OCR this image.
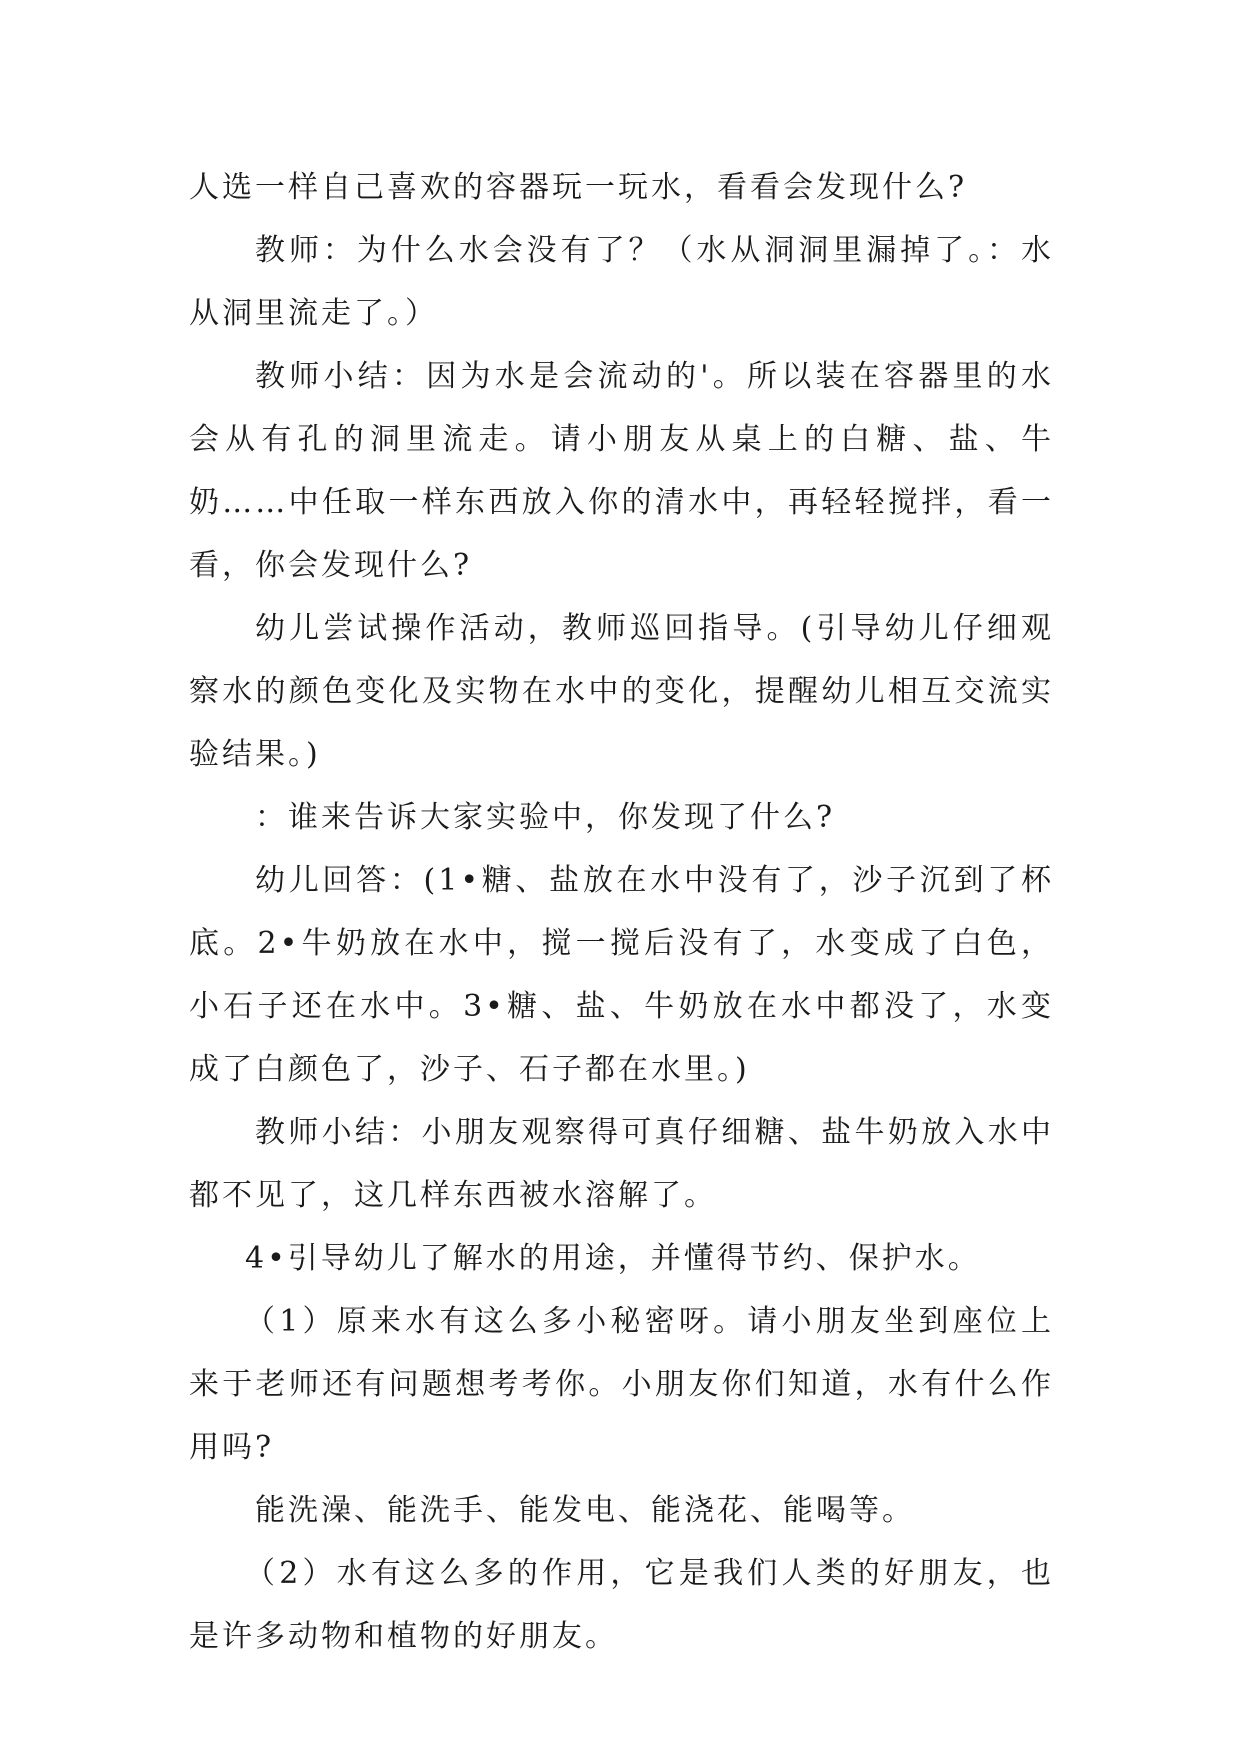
人选一样自己喜欢的容器玩一玩水，看看会发现什么?

教师：为什么水会没有了？（水从洞洞里漏掉了。：水从洞里流走了。）

教师小结：因为水是会流动的'。所以装在容器里的水会从有孔的洞里流走。请小朋友从桌上的白糖、盐、牛奶……中任取一样东西放入你的清水中，再轻轻搅拌，看一看，你会发现什么?

幼儿尝试操作活动，教师巡回指导。(引导幼儿仔细观察水的颜色变化及实物在水中的变化，提醒幼儿相互交流实验结果。)

：谁来告诉大家实验中，你发现了什么?

幼儿回答：(1•糖、盐放在水中没有了，沙子沉到了杯底。2•牛奶放在水中，搅一搅后没有了，水变成了白色，小石子还在水中。3•糖、盐、牛奶放在水中都没了，水变成了白颜色了，沙子、石子都在水里。)

教师小结：小朋友观察得可真仔细糖、盐牛奶放入水中都不见了，这几样东西被水溶解了。

4•引导幼儿了解水的用途，并懂得节约、保护水。

（1）原来水有这么多小秘密呀。请小朋友坐到座位上来于老师还有问题想考考你。小朋友你们知道，水有什么作用吗?

能洗澡、能洗手、能发电、能浇花、能喝等。

（2）水有这么多的作用，它是我们人类的好朋友，也是许多动物和植物的好朋友。
